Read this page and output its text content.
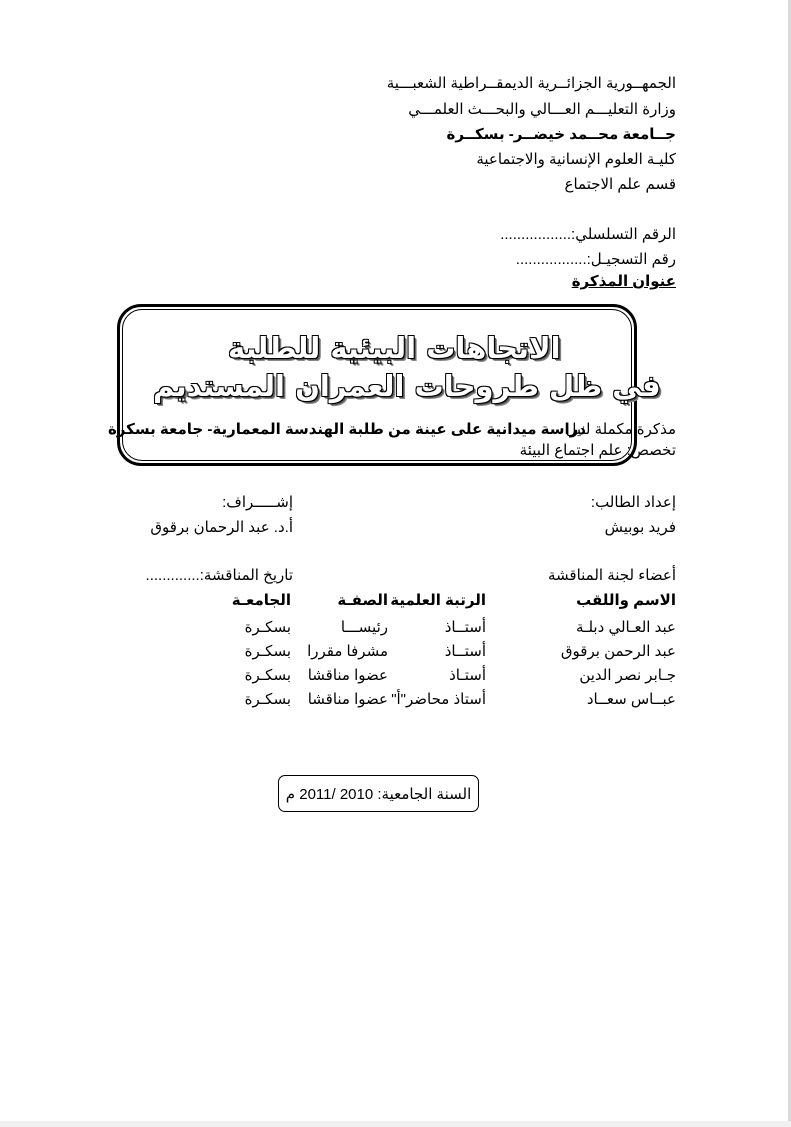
الجمهــورية الجزائــرية الديمقــراطية الشعبـــية
وزارة التعليـــم العـــالي والبحـــث العلمـــي
جــامعة محــمد خيضــر- بسكــرة
كليـة العلوم الإنسانية والاجتماعية
قسم علم الاجتماع
الرقم التسلسلي:.................
رقم التسجيـل:.................
عنوان المذكرة
الاتجاهات البيئية للطلبة
في ظل طروحات العمران المستديم
مذكرة مكملة لنيل
دراسة ميدانية على عينة من طلبة الهندسة المعمارية- جامعة بسكرة
تخصص: علم اجتماع البيئة
إعداد الطالب:
فريد بوبيش
إشـــــراف:
أ.د. عبد الرحمان برقوق
أعضاء لجنة المناقشة
تاريخ المناقشة:.............
الاسم واللقب
الرتبة العلمية
الصفـة
الجامعـة
عبد العـالي دبلـة
أستــاذ
رئيســـا
بسكـرة
عبد الرحمن برقوق
أستــاذ
مشرفا مقررا
بسكـرة
جـابر نصر الدين
أستـاذ
عضوا مناقشا
بسكـرة
عبــاس سعــاد
أستاذ محاضر"أ"
عضوا مناقشا
بسكـرة
السنة الجامعية: 2010 /2011 م
